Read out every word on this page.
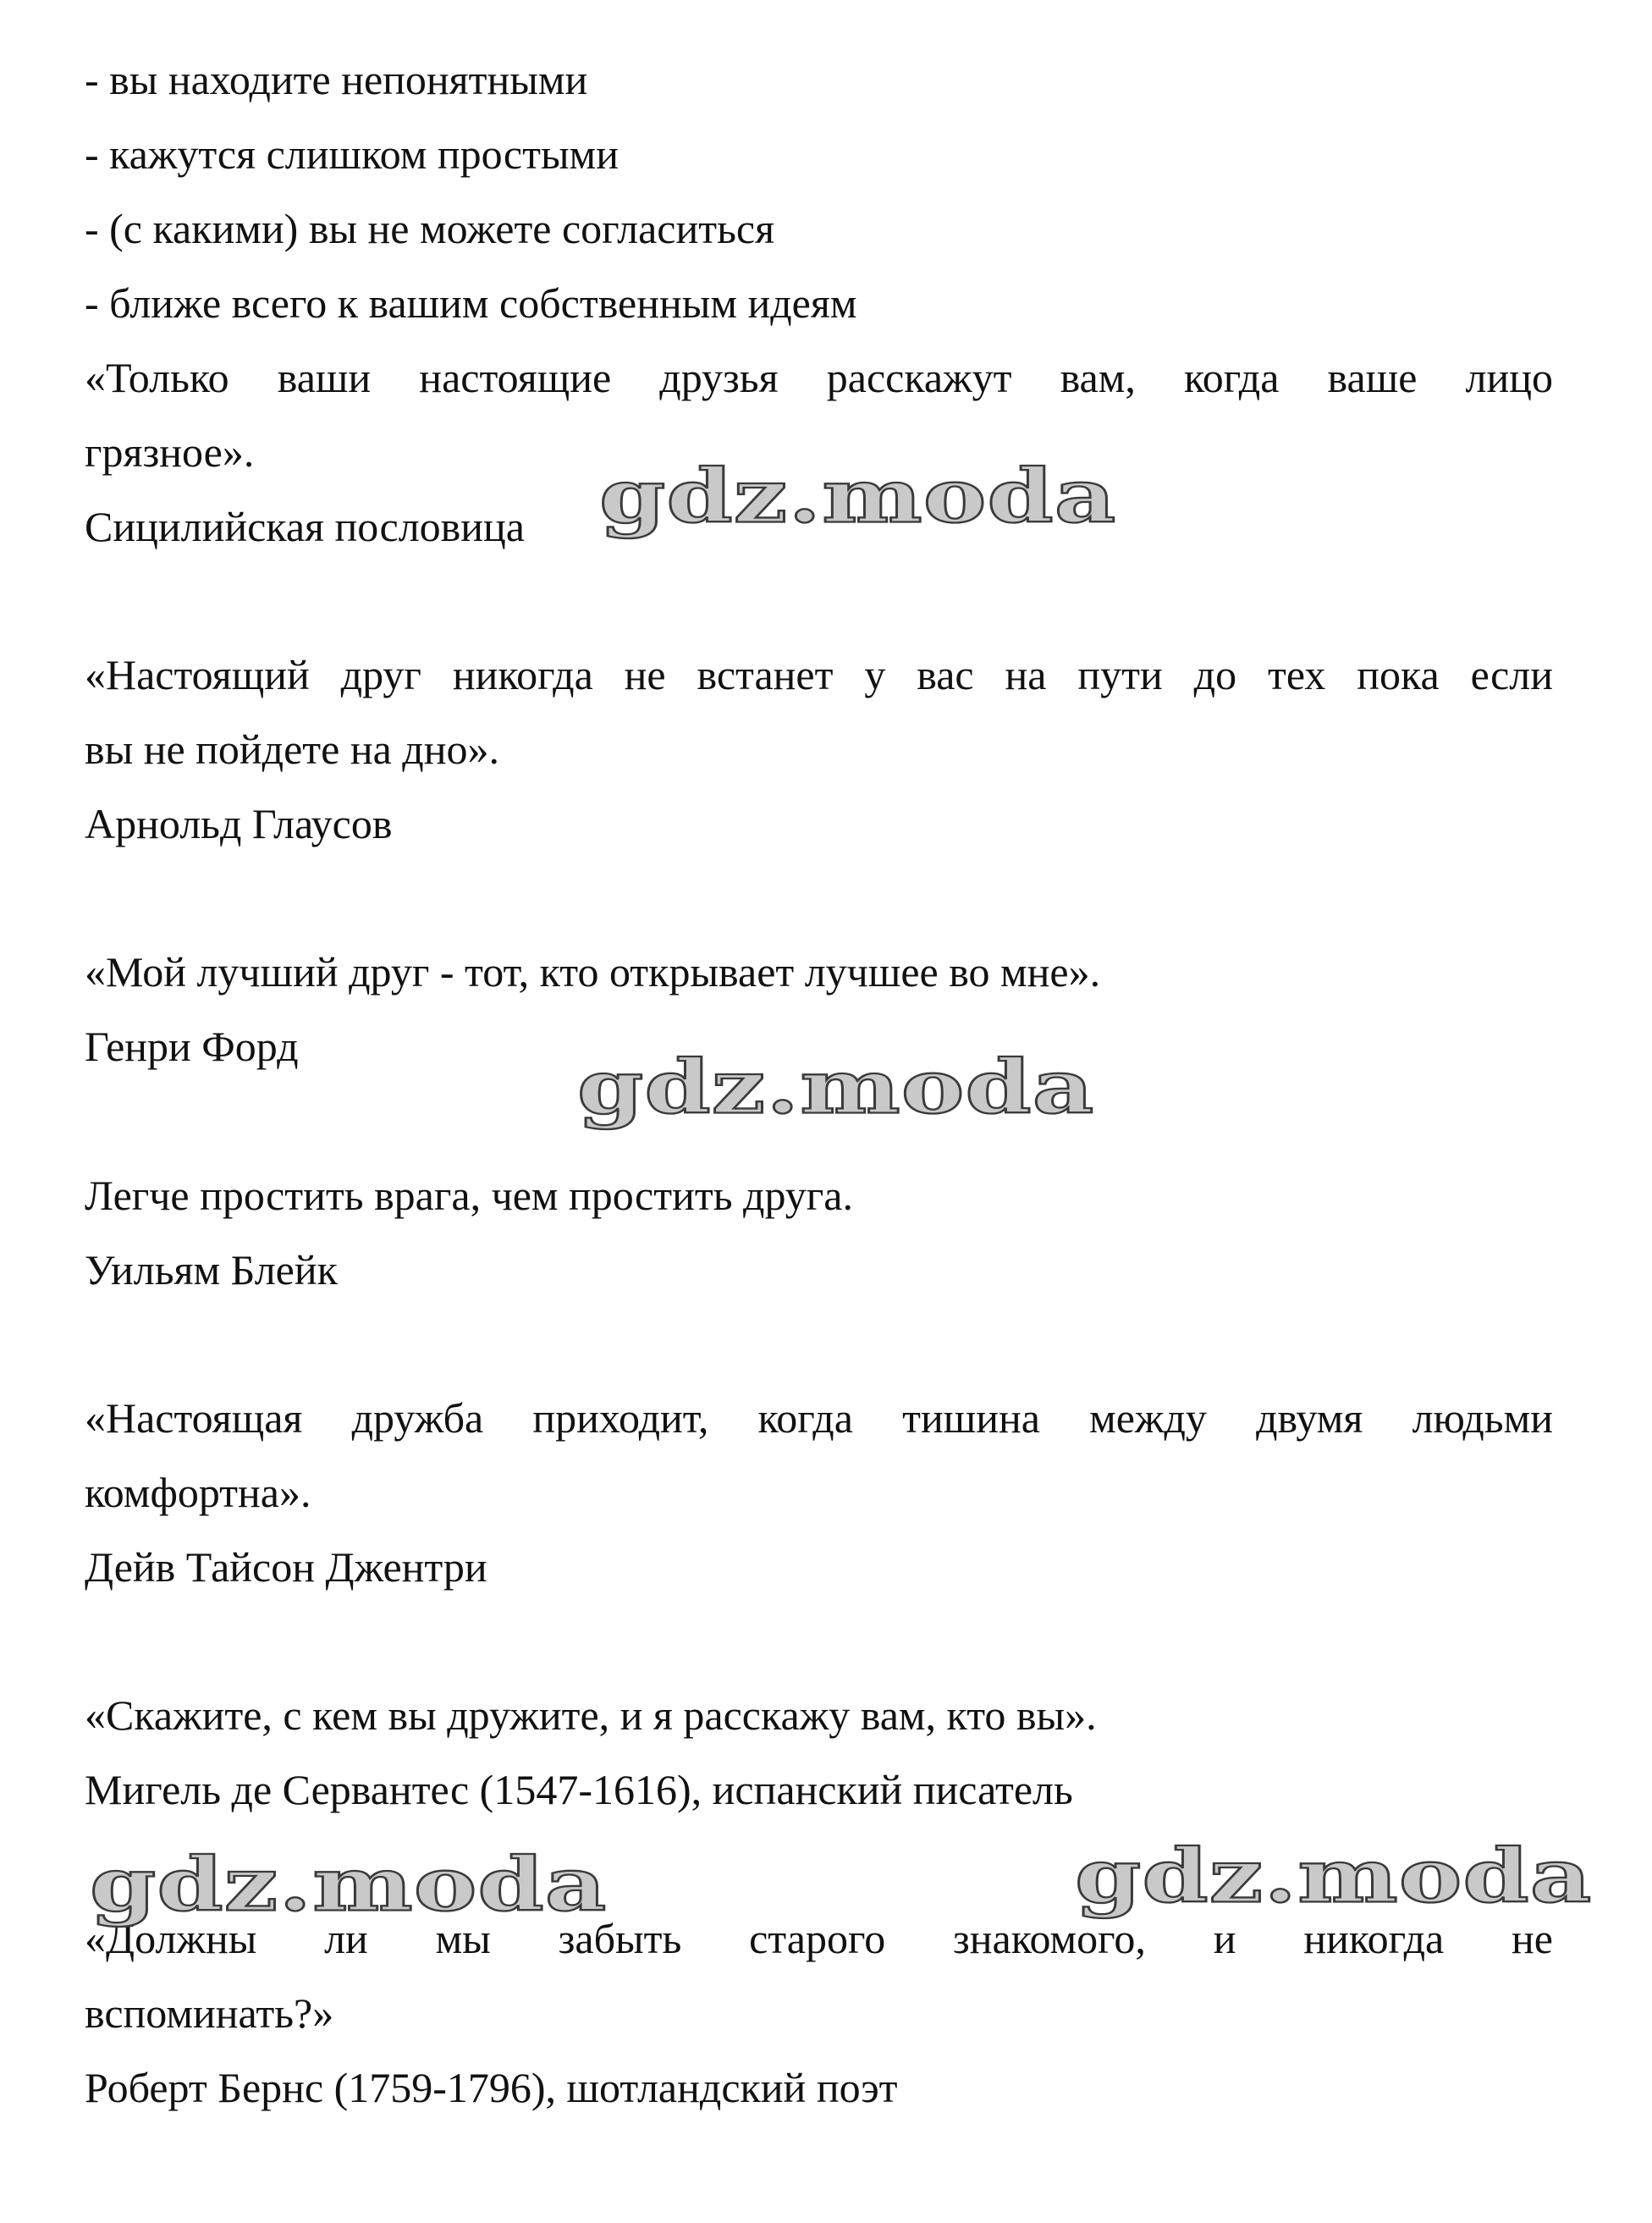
- вы находите непонятными
- кажутся слишком простыми
- (с какими) вы не можете согласиться
- ближе всего к вашим собственным идеям
«Только ваши настоящие друзья расскажут вам, когда ваше лицо
грязное».
Сицилийская пословица
«Настоящий друг никогда не встанет у вас на пути до тех пока если
вы не пойдете на дно».
Арнольд Глаусов
«Мой лучший друг - тот, кто открывает лучшее во мне».
Генри Форд
Легче простить врага, чем простить друга.
Уильям Блейк
«Настоящая дружба приходит, когда тишина между двумя людьми
комфортна».
Дейв Тайсон Джентри
«Скажите, с кем вы дружите, и я расскажу вам, кто вы».
Мигель де Сервантес (1547-1616), испанский писатель
«Должны ли мы забыть старого знакомого, и никогда не
вспоминать?»
Роберт Бернс (1759-1796), шотландский поэт
gdz.moda
gdz.moda
gdz.moda	gdz.moda
